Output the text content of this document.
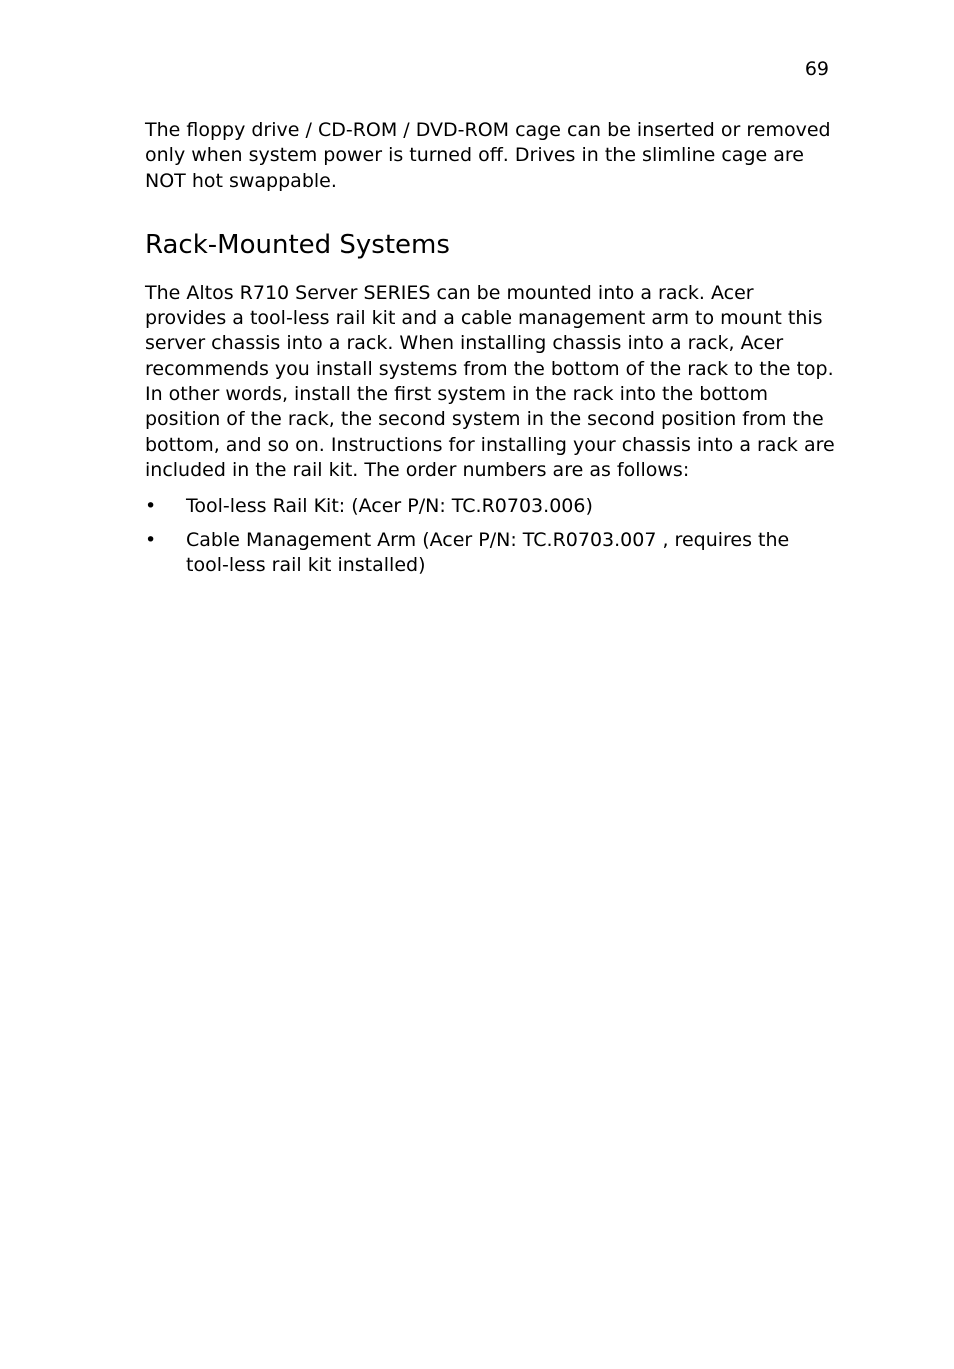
69

The floppy drive / CD-ROM / DVD-ROM cage can be inserted or removed only when system power is turned off. Drives in the slimline cage are NOT hot swappable.

Rack-Mounted Systems

The Altos R710 Server SERIES can be mounted into a rack. Acer provides a tool-less rail kit and a cable management arm to mount this server chassis into a rack. When installing chassis into a rack, Acer recommends you install systems from the bottom of the rack to the top. In other words, install the first system in the rack into the bottom position of the rack, the second system in the second position from the bottom, and so on. Instructions for installing your chassis into a rack are included in the rail kit. The order numbers are as follows:

• Tool-less Rail Kit: (Acer P/N: TC.R0703.006)
• Cable Management Arm (Acer P/N: TC.R0703.007 , requires the tool-less rail kit installed)
